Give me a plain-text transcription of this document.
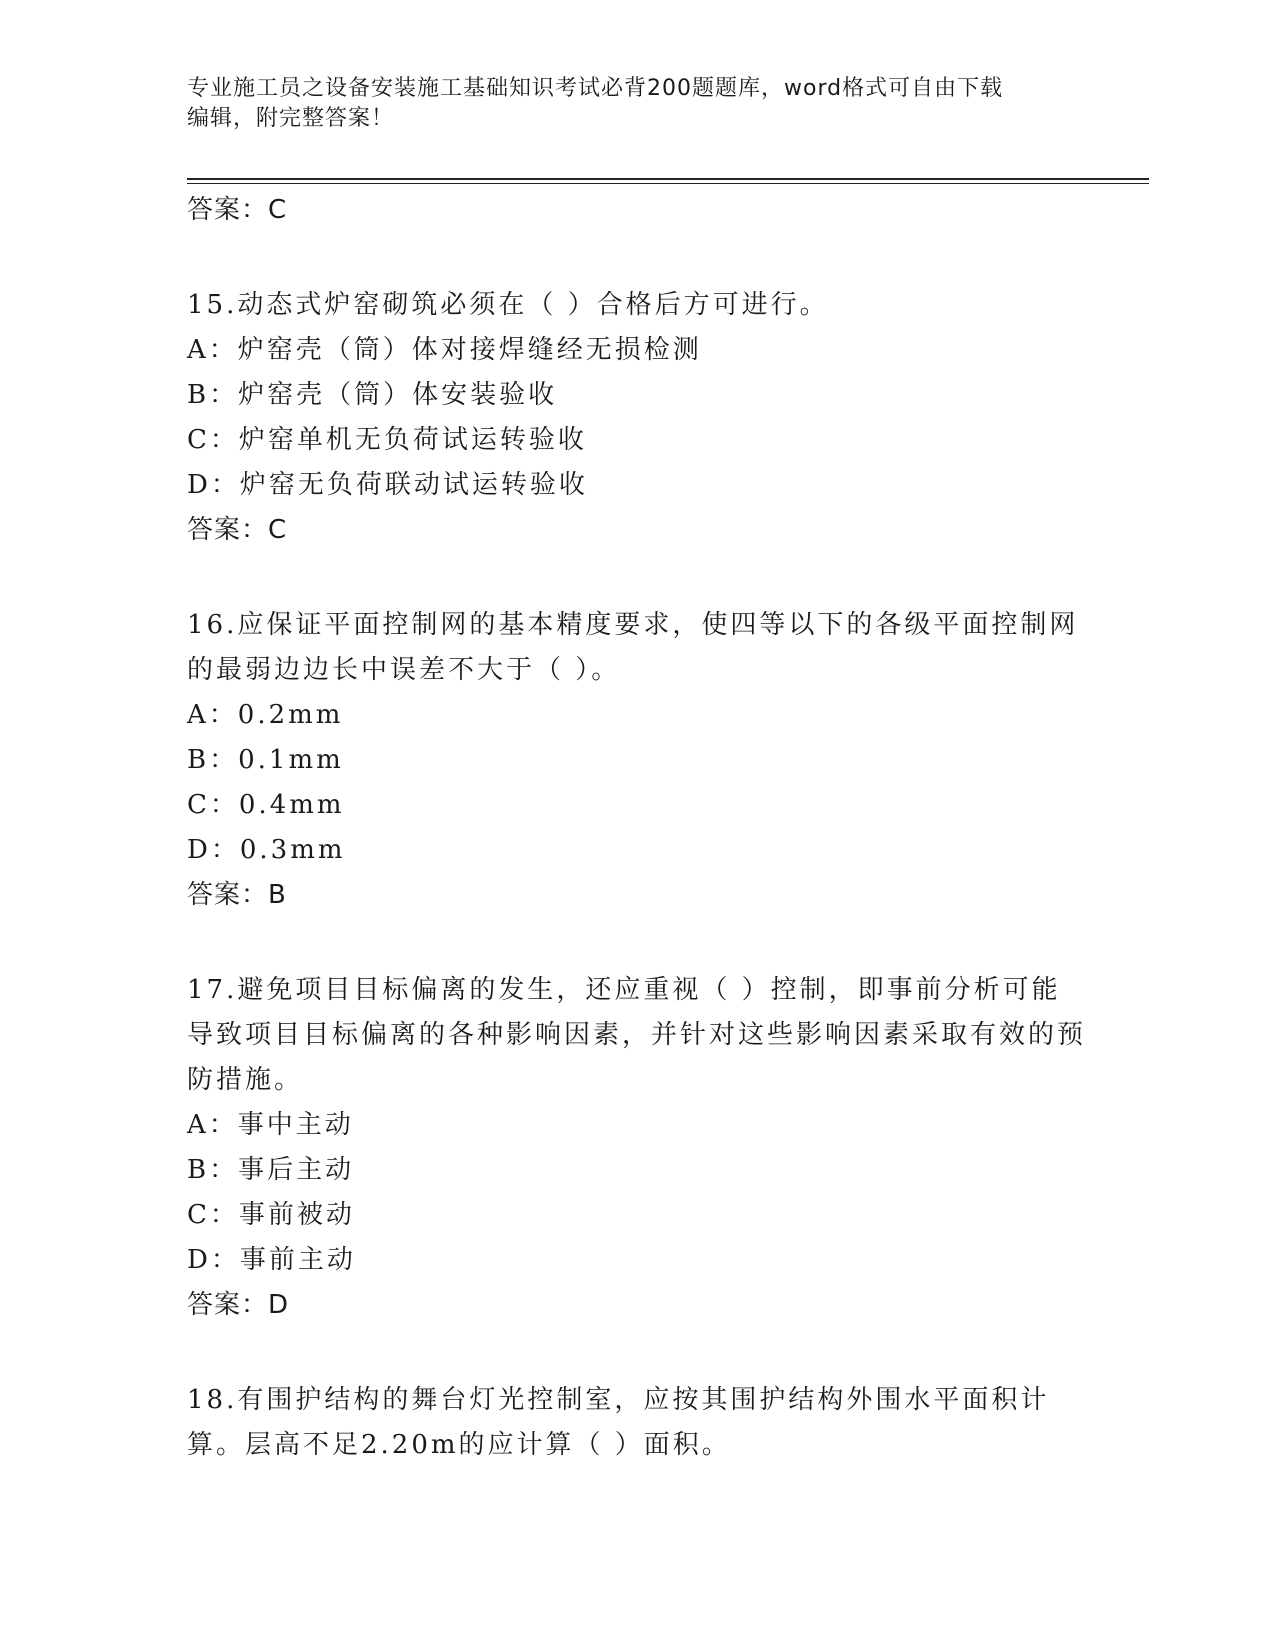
专业施工员之设备安装施工基础知识考试必背200题题库，word格式可自由下载
编辑，附完整答案！

答案：C

15.动态式炉窑砌筑必须在（ ）合格后方可进行。

A：炉窑壳（筒）体对接焊缝经无损检测

B：炉窑壳（筒）体安装验收

C：炉窑单机无负荷试运转验收

D：炉窑无负荷联动试运转验收

答案：C

16.应保证平面控制网的基本精度要求，使四等以下的各级平面控制网的最弱边边长中误差不大于（ ）。

A：0.2mm

B：0.1mm

C：0.4mm

D：0.3mm

答案：B

17.避免项目目标偏离的发生，还应重视（ ）控制，即事前分析可能导致项目目标偏离的各种影响因素，并针对这些影响因素采取有效的预防措施。

A：事中主动

B：事后主动

C：事前被动

D：事前主动

答案：D

18.有围护结构的舞台灯光控制室，应按其围护结构外围水平面积计算。层高不足2.20m的应计算（ ）面积。
